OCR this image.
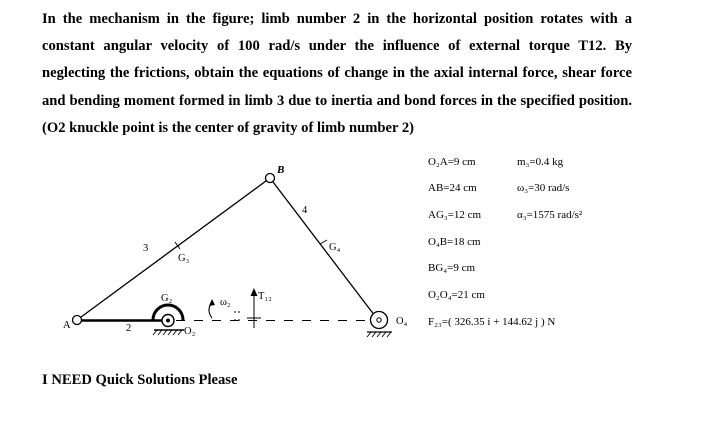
In the mechanism in the figure; limb number 2 in the horizontal position rotates with a constant angular velocity of 100 rad/s under the influence of external torque T12. By neglecting the frictions, obtain the equations of change in the axial internal force, shear force and bending moment formed in limb 3 due to inertia and bond forces in the specified position. (O2 knuckle point is the center of gravity of limb number 2)
A
B
O₂
O₄
G₂
G₃
G₄
2
3
4
ω₂
T₁₂
O₂A=9 cm
AB=24 cm
AG₃=12 cm
O₄B=18 cm
BG₄=9 cm
O₂O₄=21 cm
F₂₃=( 326.35 i + 144.62 j ) N
m₃=0.4 kg
ω₃=30 rad/s
α₃=1575 rad/s²
I NEED Quick Solutions Please
